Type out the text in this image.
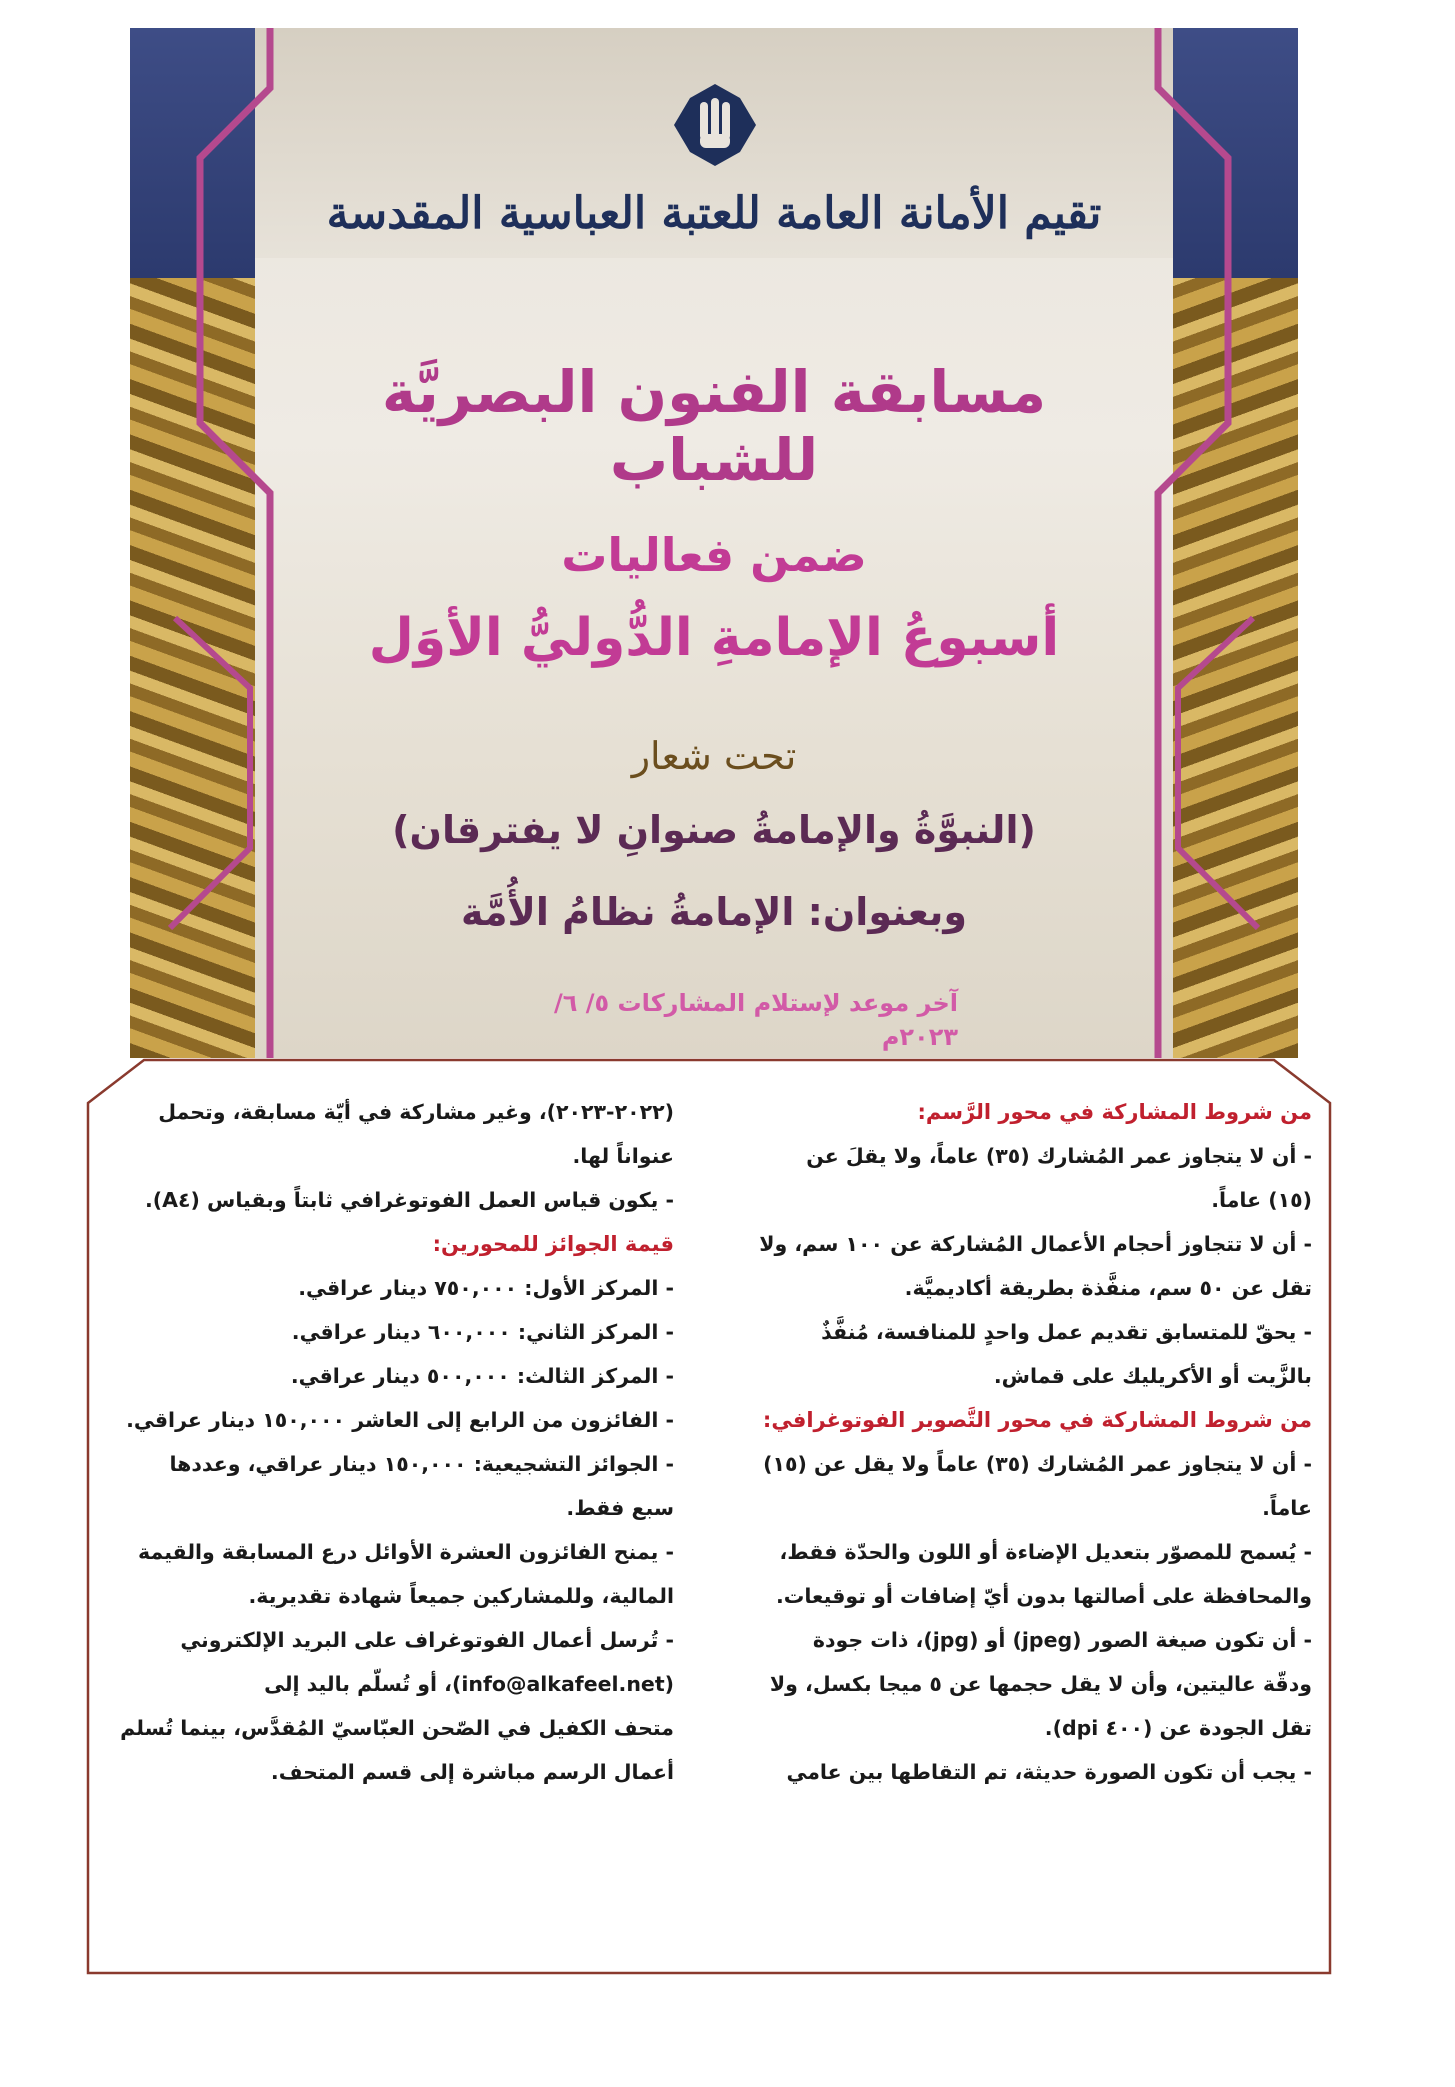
تقيم الأمانة العامة للعتبة العباسية المقدسة
مسابقة الفنون البصريَّة للشباب
ضمن فعاليات
أسبوعُ الإمامةِ الدُّوليُّ الأوَل
تحت شعار
(النبوَّةُ والإمامةُ صنوانِ لا يفترقان)
وبعنوان: الإمامةُ نظامُ الأُمَّة
آخر موعد لإستلام المشاركات ٥/ ٦/ ٢٠٢٣م
من شروط المشاركة في محور الرَّسم:
- أن لا يتجاوز عمر المُشارك (٣٥) عاماً، ولا يقلَ عن
(١٥) عاماً.
- أن لا تتجاوز أحجام الأعمال المُشاركة عن ١٠٠ سم، ولا
تقل عن ٥٠ سم، منفَّذة بطريقة أكاديميَّة.
- يحقّ للمتسابق تقديم عمل واحدٍ للمنافسة، مُنفَّذٌ
بالزَّيت أو الأكريليك على قماش.
من شروط المشاركة في محور التَّصوير الفوتوغرافي:
- أن لا يتجاوز عمر المُشارك (٣٥) عاماً ولا يقل عن (١٥)
عاماً.
- يُسمح للمصوّر بتعديل الإضاءة أو اللون والحدّة فقط،
والمحافظة على أصالتها بدون أيّ إضافات أو توقيعات.
- أن تكون صيغة الصور (jpeg) أو (jpg)، ذات جودة
ودقّة عاليتين، وأن لا يقل حجمها عن ٥ ميجا بكسل، ولا
تقل الجودة عن (٤٠٠ dpi).
- يجب أن تكون الصورة حديثة، تم التقاطها بين عامي
(٢٠٢٢-٢٠٢٣)، وغير مشاركة في أيّة مسابقة، وتحمل
عنواناً لها.
- يكون قياس العمل الفوتوغرافي ثابتاً وبقياس (A٤).
قيمة الجوائز للمحورين:
- المركز الأول: ٧٥٠,٠٠٠ دينار عراقي.
- المركز الثاني: ٦٠٠,٠٠٠ دينار عراقي.
- المركز الثالث: ٥٠٠,٠٠٠ دينار عراقي.
- الفائزون من الرابع إلى العاشر ١٥٠,٠٠٠ دينار عراقي.
- الجوائز التشجيعية: ١٥٠,٠٠٠ دينار عراقي، وعددها
سبع فقط.
- يمنح الفائزون العشرة الأوائل درع المسابقة والقيمة
المالية، وللمشاركين جميعاً شهادة تقديرية.
- تُرسل أعمال الفوتوغراف على البريد الإلكتروني
(info@alkafeel.net)، أو تُسلّم باليد إلى
متحف الكفيل في الصّحن العبّاسيّ المُقدَّس، بينما تُسلم
أعمال الرسم مباشرة إلى قسم المتحف.
